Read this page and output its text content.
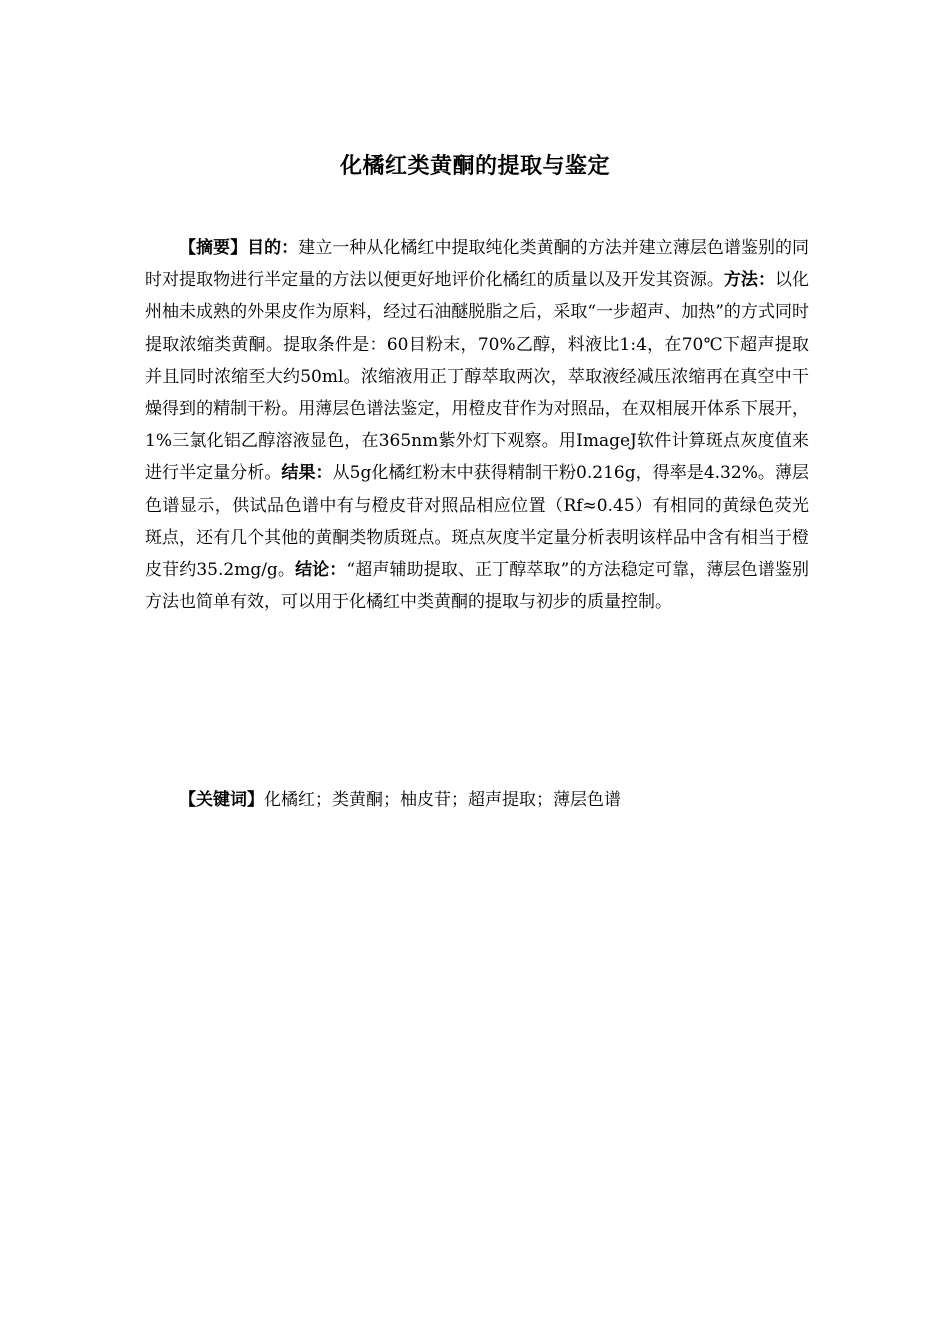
化橘红类黄酮的提取与鉴定

【摘要】目的：建立一种从化橘红中提取纯化类黄酮的方法并建立薄层色谱鉴别的同时对提取物进行半定量的方法以便更好地评价化橘红的质量以及开发其资源。方法：以化州柚未成熟的外果皮作为原料，经过石油醚脱脂之后，采取“一步超声、加热”的方式同时提取浓缩类黄酮。提取条件是：60目粉末，70%乙醇，料液比1:4，在70℃下超声提取并且同时浓缩至大约50ml。浓缩液用正丁醇萃取两次，萃取液经减压浓缩再在真空中干燥得到的精制干粉。用薄层色谱法鉴定，用橙皮苷作为对照品，在双相展开体系下展开，1%三氯化铝乙醇溶液显色，在365nm紫外灯下观察。用ImageJ软件计算斑点灰度值来进行半定量分析。结果：从5g化橘红粉末中获得精制干粉0.216g，得率是4.32%。薄层色谱显示，供试品色谱中有与橙皮苷对照品相应位置（Rf≈0.45）有相同的黄绿色荧光斑点，还有几个其他的黄酮类物质斑点。斑点灰度半定量分析表明该样品中含有相当于橙皮苷约35.2mg/g。结论：“超声辅助提取、正丁醇萃取”的方法稳定可靠，薄层色谱鉴别方法也简单有效，可以用于化橘红中类黄酮的提取与初步的质量控制。

【关键词】化橘红；类黄酮；柚皮苷；超声提取；薄层色谱
